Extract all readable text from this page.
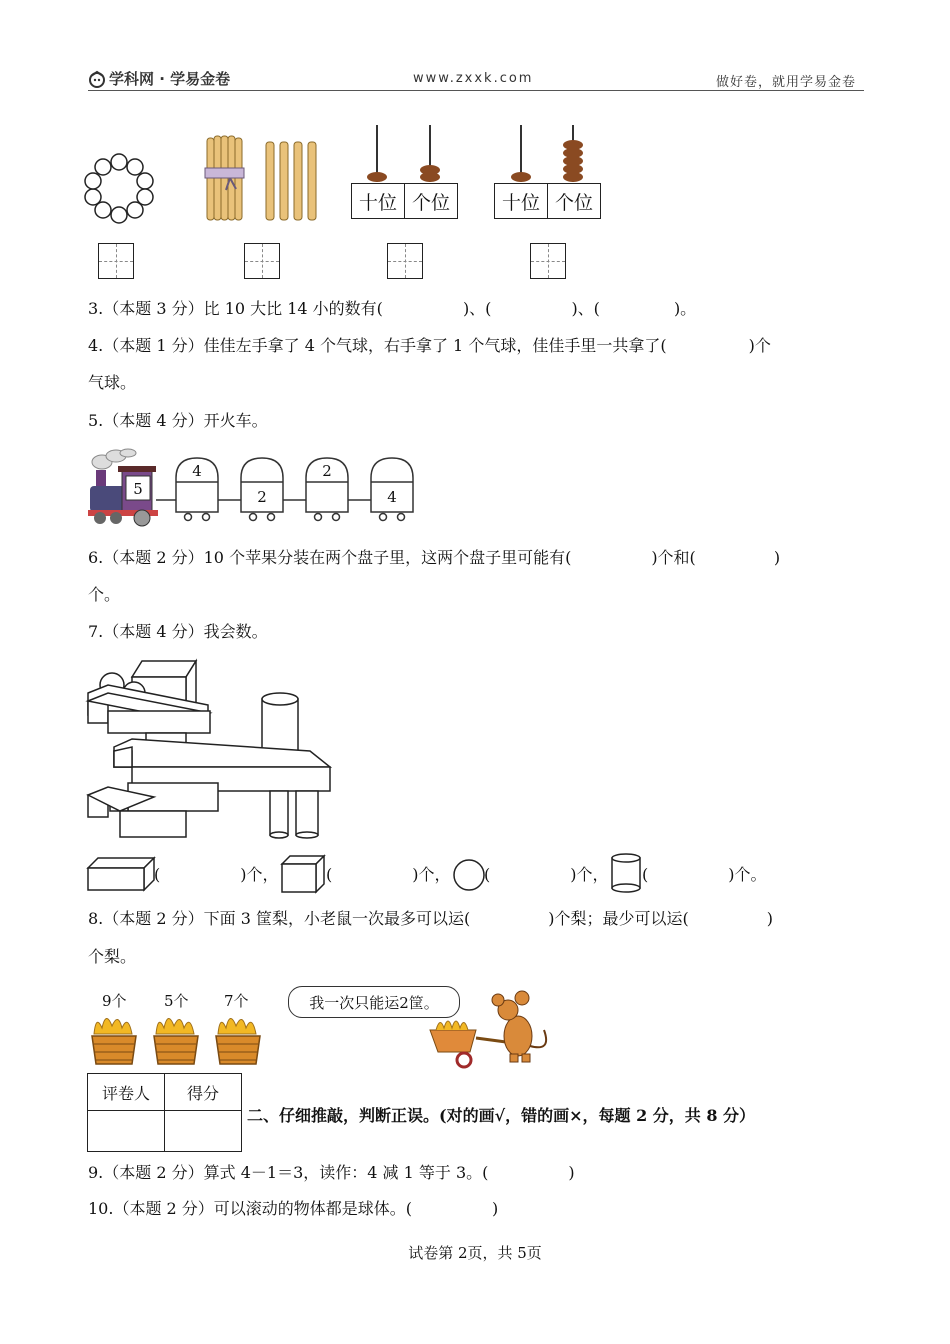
学科网 · 学易金卷	www.zxxk.com	做好卷，就用学易金卷
十位 个位	十位 个位
3.（本题 3 分）比 10 大比 14 小的数有(	)、(	)、(	)。
4.（本题 1 分）佳佳左手拿了 4 个气球，右手拿了 1 个气球，佳佳手里一共拿了(	)个
气球。
5.（本题 4 分）开火车。
5
4
2
2
4
6.（本题 2 分）10 个苹果分装在两个盘子里，这两个盘子里可能有(	)个和(	)
个。
7.（本题 4 分）我会数。
(	)个，	(	)个， (	)个， (	)个。
8.（本题 2 分）下面 3 筐梨，小老鼠一次最多可以运(	)个梨；最少可以运(	)
个梨。
9个 5个 7个	我一次只能运2筐。
评卷人	得分

二、仔细推敲，判断正误。(对的画√，错的画×，每题 2 分，共 8 分）
9.（本题 2 分）算式 4－1＝3，读作：4 减 1 等于 3。(	)
10.（本题 2 分）可以滚动的物体都是球体。(	)
试卷第 2页，共 5页
